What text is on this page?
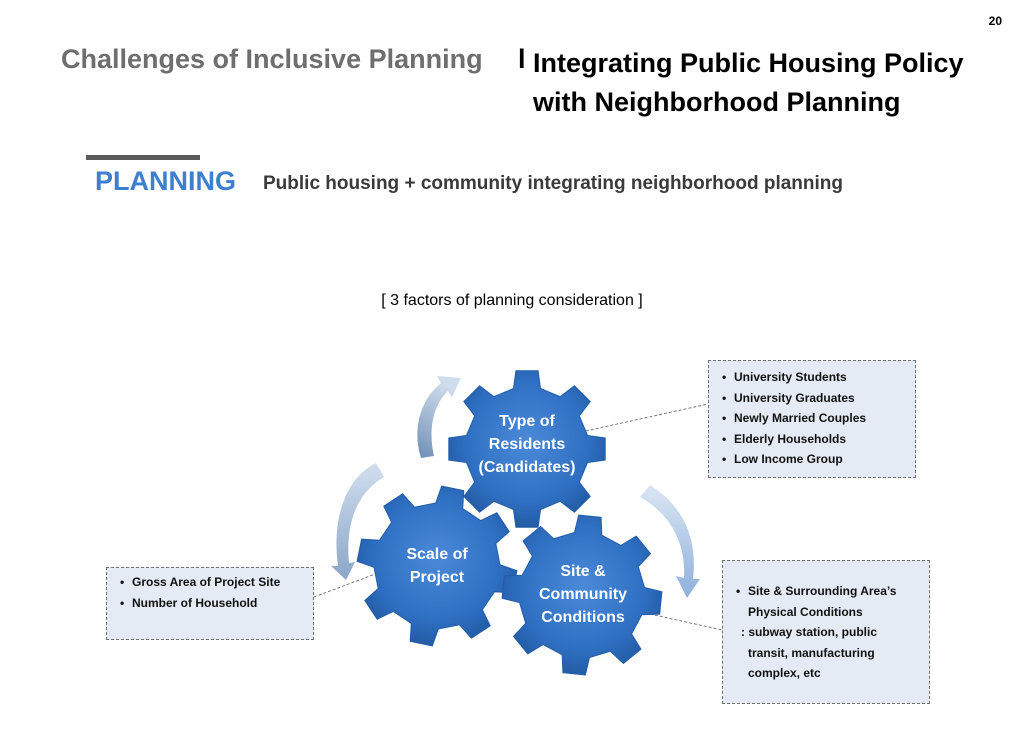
20
Challenges of Inclusive Planning l Integrating Public Housing Policy
with Neighborhood Planning
PLANNING Public housing + community integrating neighborhood planning
[ 3 factors of planning consideration ]
Type of
Residents
(Candidates)
Scale of
Project	Site &
Community
Conditions
• University Students
• University Graduates
• Newly Married Couples
• Elderly Households
• Low Income Group
• Gross Area of Project Site
• Number of Household
• Site & Surrounding Area’s
Physical Conditions
: subway station, public
transit, manufacturing
complex, etc
